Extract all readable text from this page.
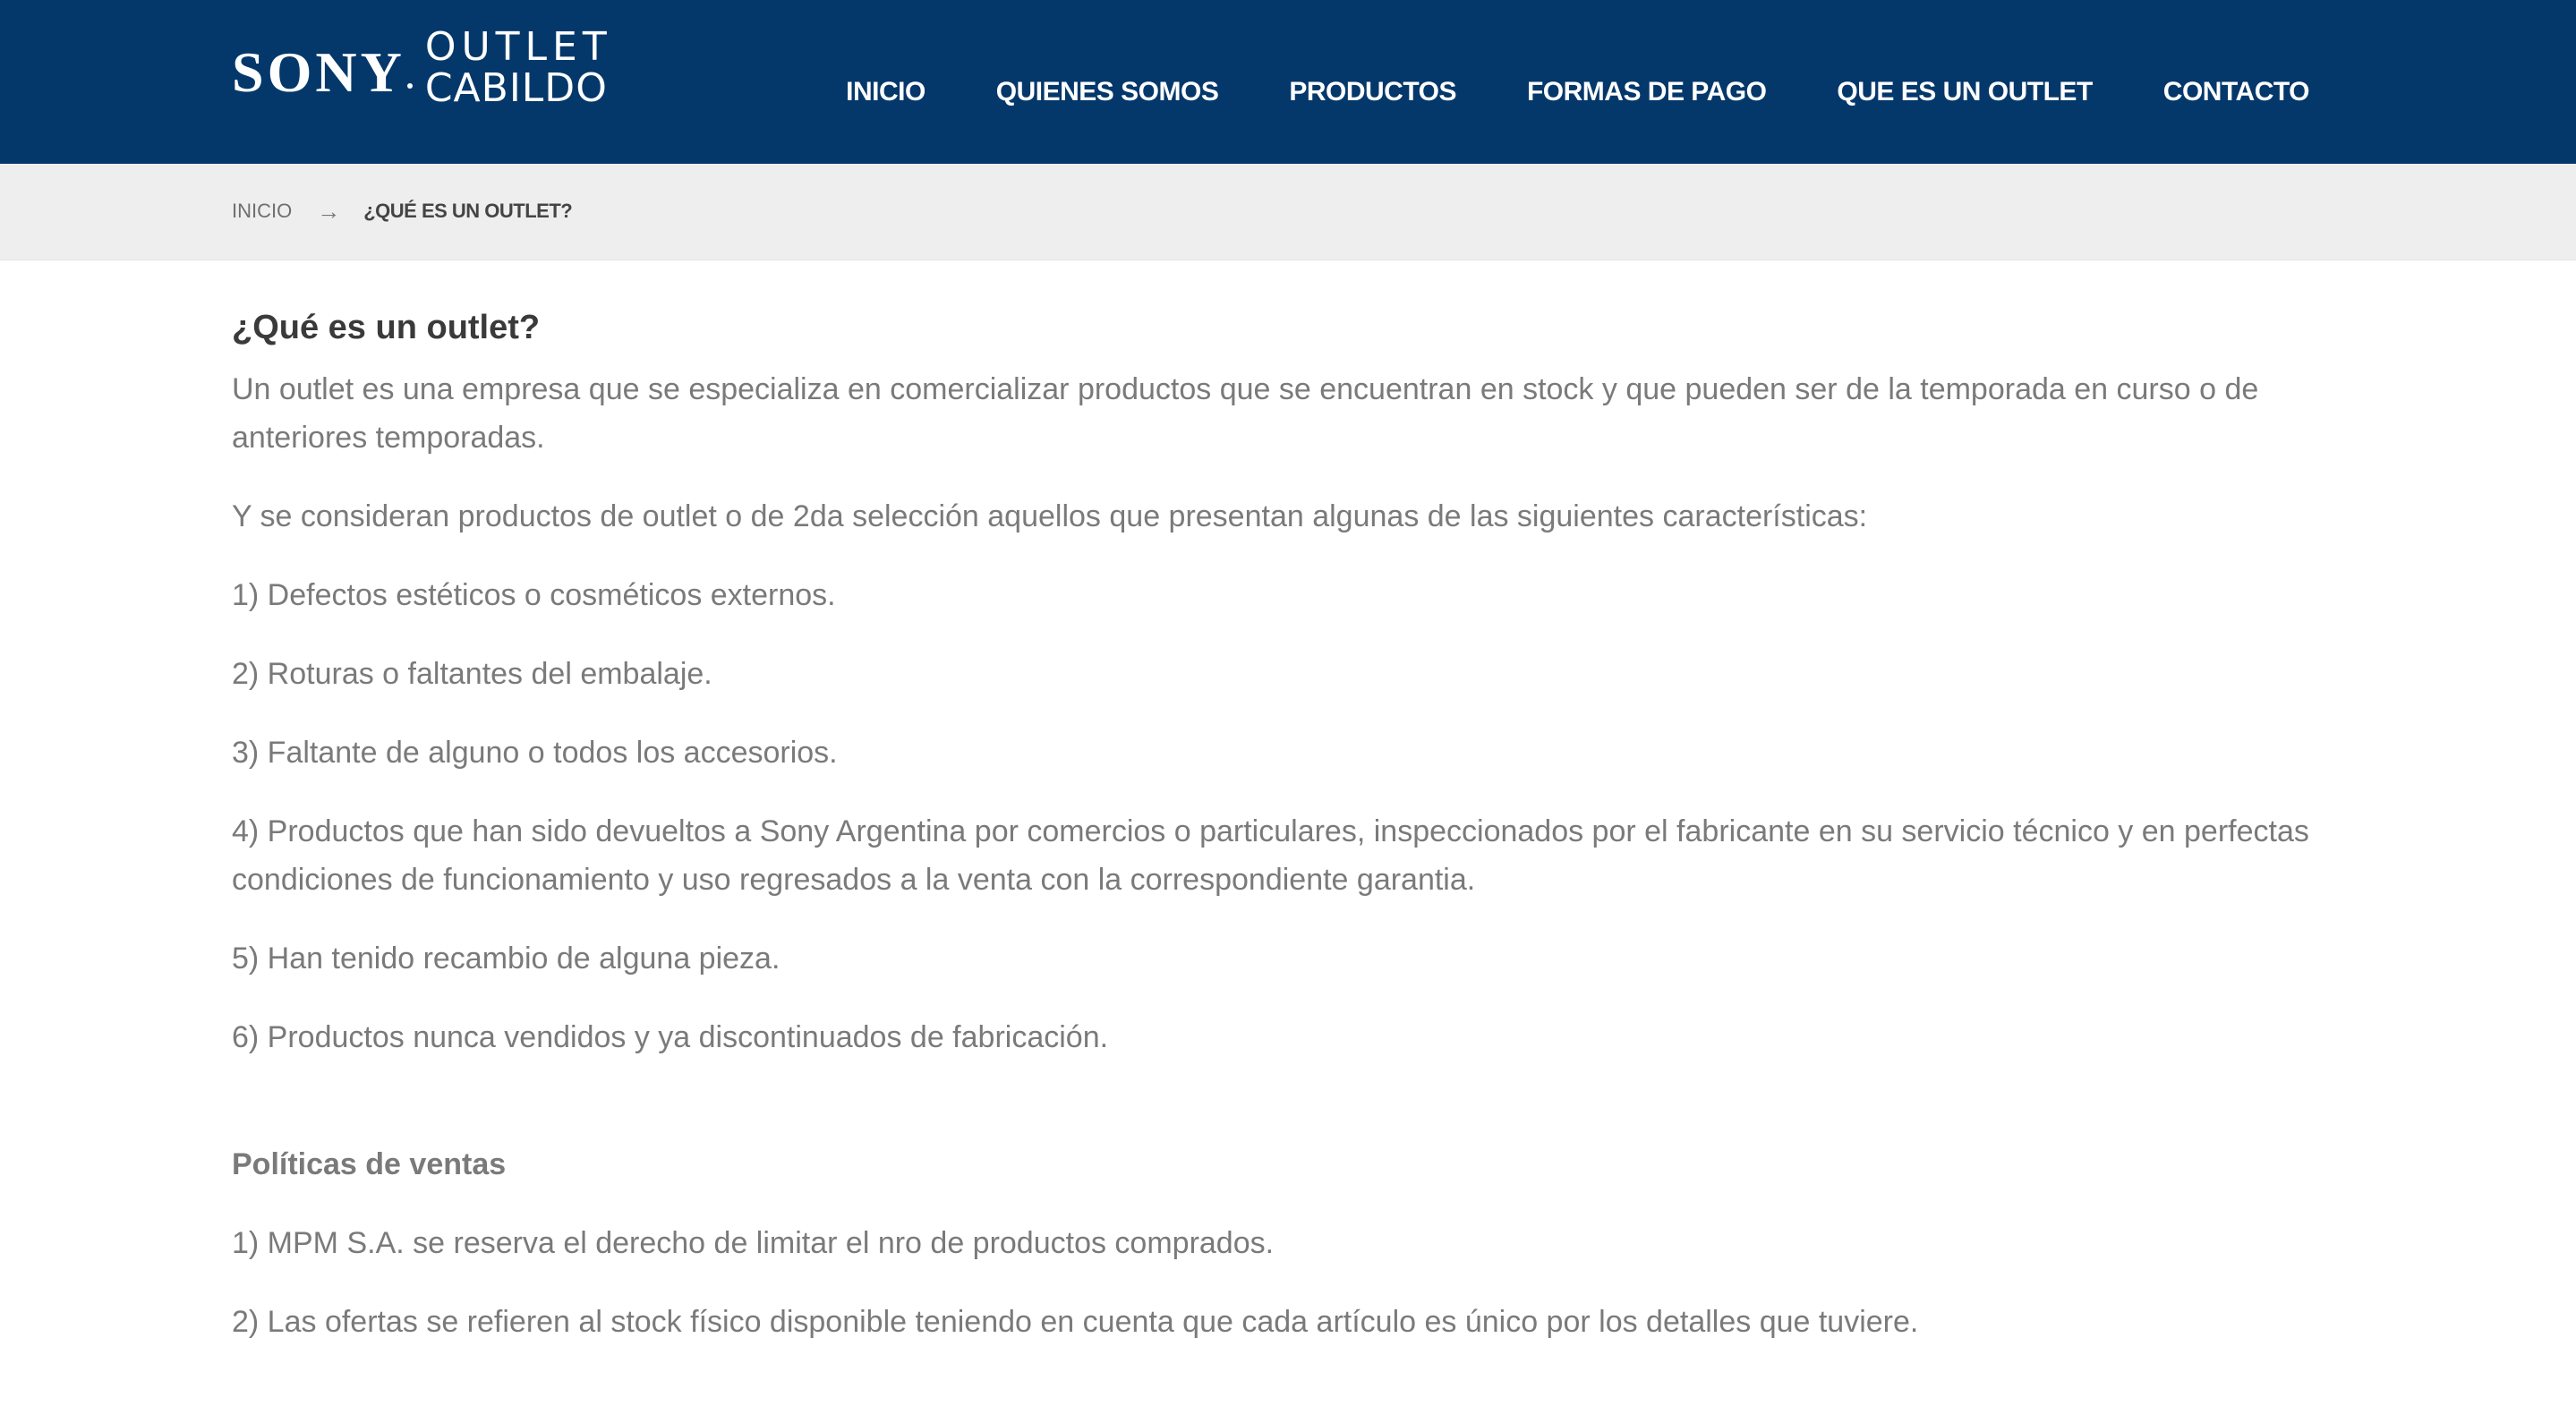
SONY OUTLET
CABILDO	INICIO	QUIENES SOMOS	PRODUCTOS	FORMAS DE PAGO	QUE ES UN OUTLET	CONTACTO
INICIO → ¿QUÉ ES UN OUTLET?
¿Qué es un outlet?

Un outlet es una empresa que se especializa en comercializar productos que se encuentran en stock y que pueden ser de la temporada en curso o de anteriores temporadas.

Y se consideran productos de outlet o de 2da selección aquellos que presentan algunas de las siguientes características:

1) Defectos estéticos o cosméticos externos.

2) Roturas o faltantes del embalaje.

3) Faltante de alguno o todos los accesorios.

4) Productos que han sido devueltos a Sony Argentina por comercios o particulares, inspeccionados por el fabricante en su servicio técnico y en perfectas condiciones de funcionamiento y uso regresados a la venta con la correspondiente garantia.

5) Han tenido recambio de alguna pieza.

6) Productos nunca vendidos y ya discontinuados de fabricación.

Políticas de ventas

1) MPM S.A. se reserva el derecho de limitar el nro de productos comprados.

2) Las ofertas se refieren al stock físico disponible teniendo en cuenta que cada artículo es único por los detalles que tuviere.
